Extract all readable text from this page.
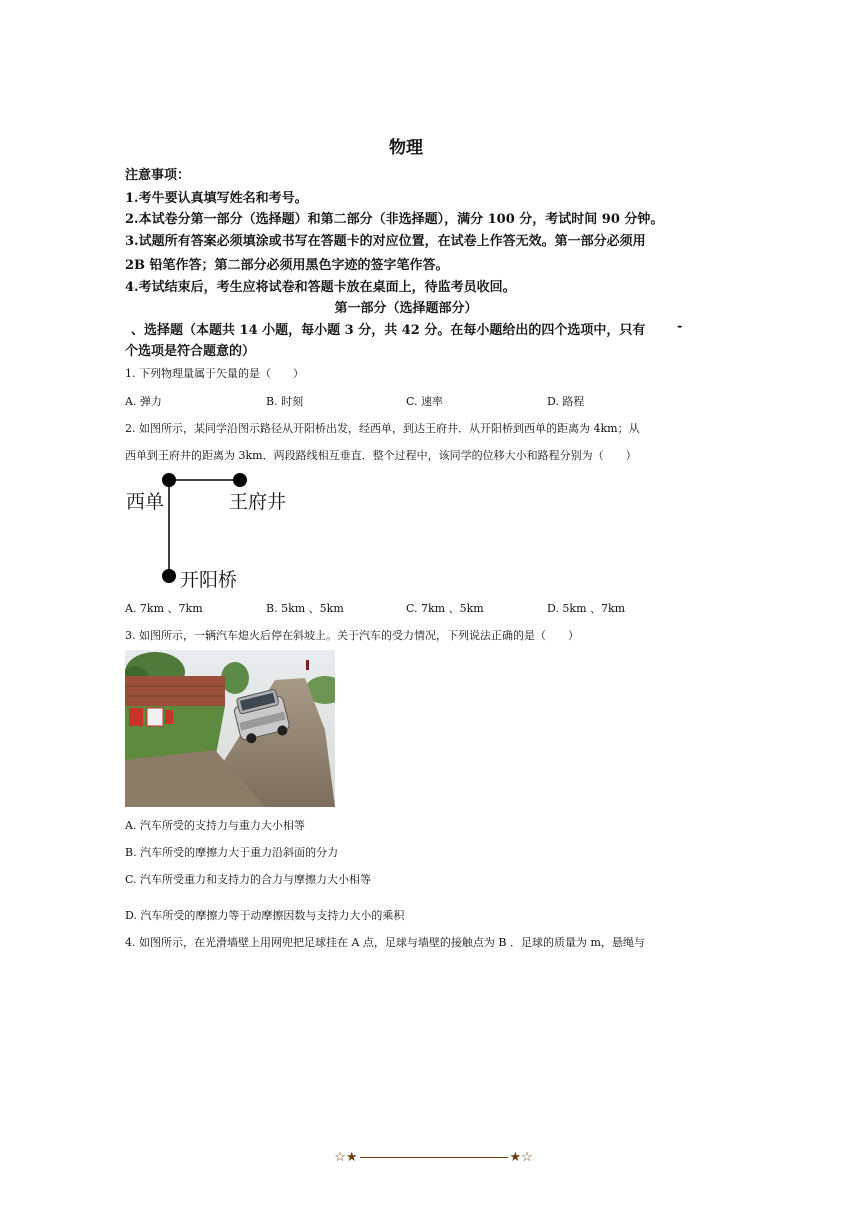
物理
注意事项：
1.考牛要认真填写姓名和考号。
2.本试卷分第一部分（选择题）和第二部分（非选择题），满分 100 分，考试时间 90 分钟。
3.试题所有答案必须填涂或书写在答题卡的对应位置，在试卷上作答无效。第一部分必须用
2B 铅笔作答；第二部分必须用黑色字迹的签字笔作答。
4.考试结束后，考生应将试卷和答题卡放在桌面上，待监考员收回。
第一部分（选择题部分）
、选择题（本题共 14 小题，每小题 3 分，共 42 分。在每小题给出的四个选项中，只有 -
个选项是符合题意的）
1. 下列物理量属于矢量的是（　　）
A. 弹力	B. 时刻	C. 速率	D. 路程
2. 如图所示，某同学沿图示路径从开阳桥出发，经西单，到达王府井．从开阳桥到西单的距离为 4km；从
西单到王府井的距离为 3km．两段路线相互垂直．整个过程中，该同学的位移大小和路程分别为（　　）
西单	王府井
开阳桥
A. 7km 、7km	B. 5km 、5km	C. 7km 、5km	D. 5km 、7km
3. 如图所示，一辆汽车熄火后停在斜坡上。关于汽车的受力情况，下列说法正确的是（　　）
A. 汽车所受的支持力与重力大小相等
B. 汽车所受的摩擦力大于重力沿斜面的分力
C. 汽车所受重力和支持力的合力与摩擦力大小相等
D. 汽车所受的摩擦力等于动摩擦因数与支持力大小的乘积
4. 如图所示，在光滑墙壁上用网兜把足球挂在 A 点，足球与墙壁的接触点为 B ．足球的质量为 m，悬绳与
☆★	★☆
